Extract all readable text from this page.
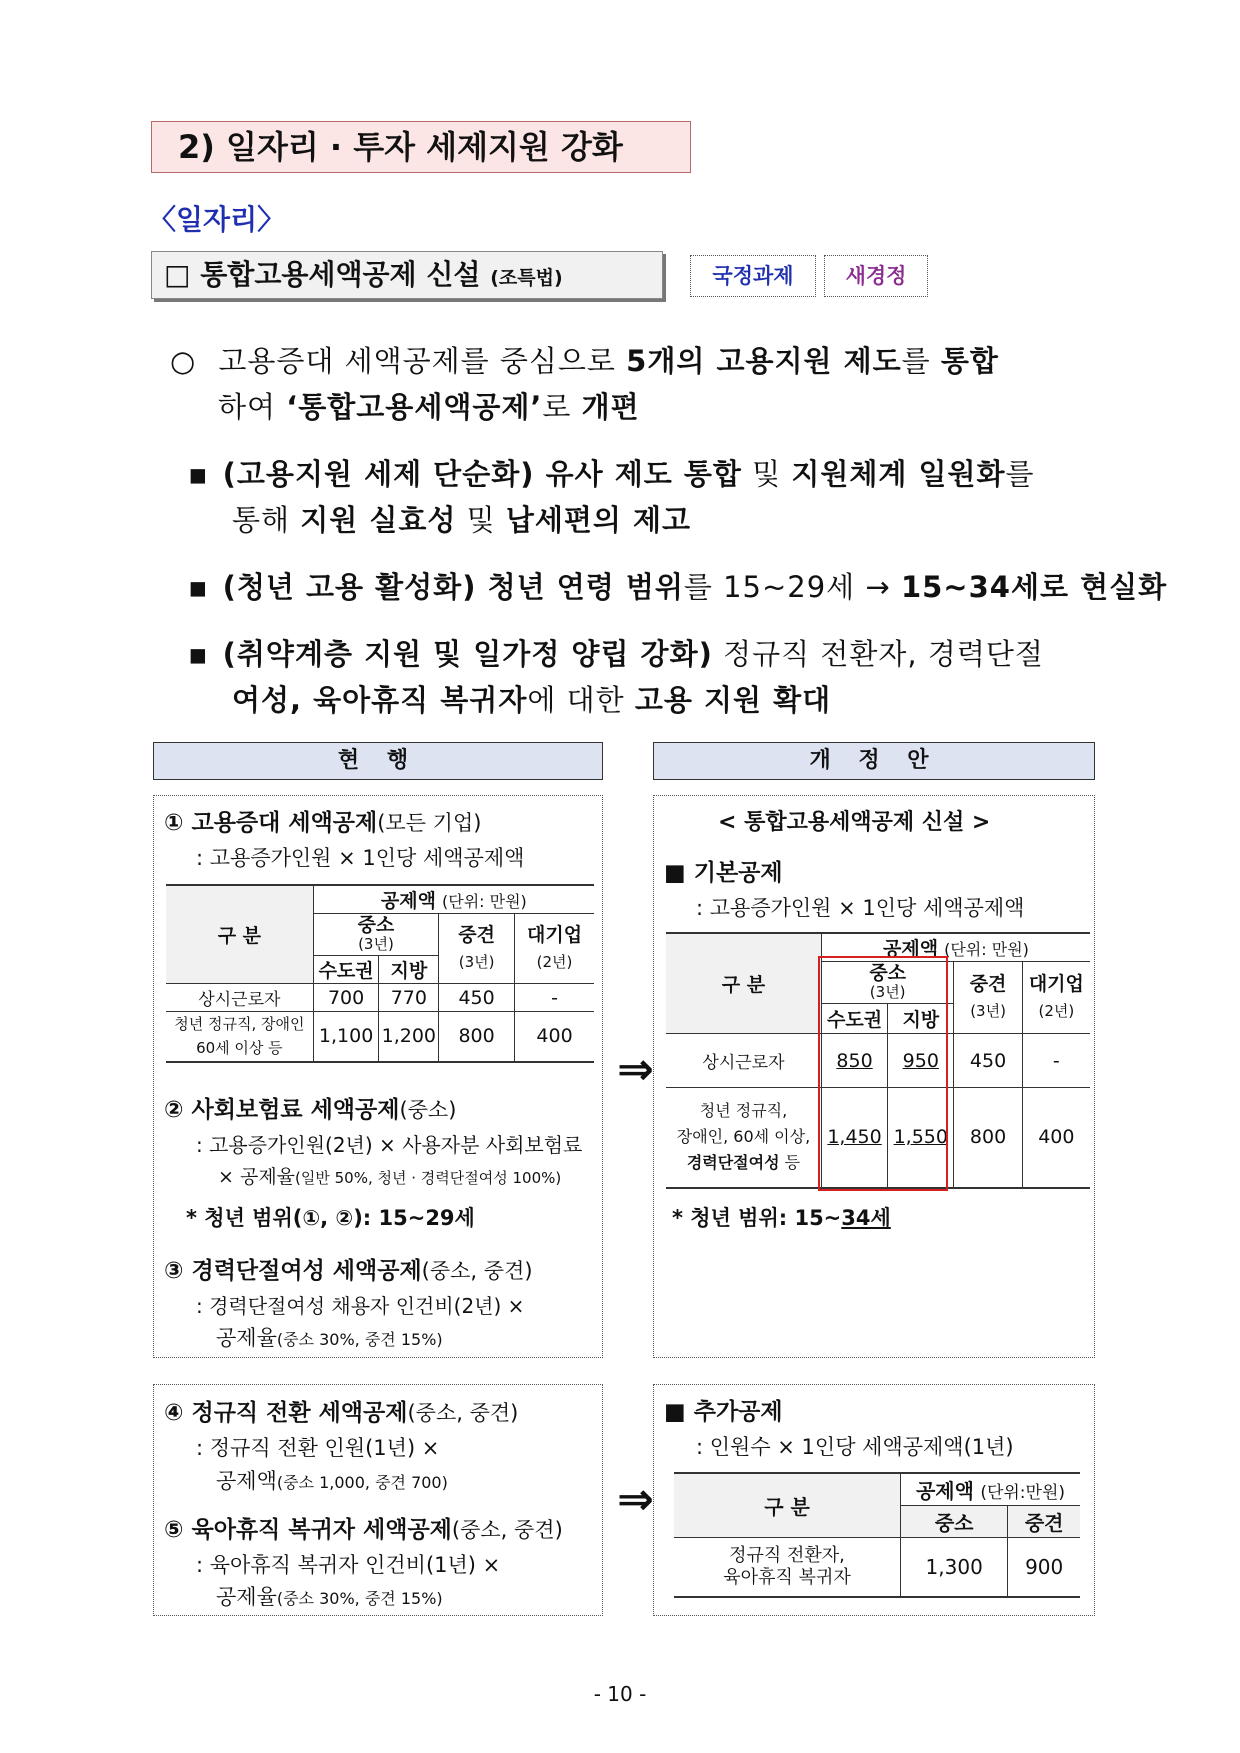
2) 일자리 · 투자 세제지원 강화
〈일자리〉
□ 통합고용세액공제 신설 (조특법)	국정과제	새경정
○ 고용증대 세액공제를 중심으로 5개의 고용지원 제도를 통합
하여 ‘통합고용세액공제’로 개편
▪ (고용지원 세제 단순화) 유사 제도 통합 및 지원체계 일원화를
통해 지원 실효성 및 납세편의 제고
▪ (청년 고용 활성화) 청년 연령 범위를 15~29세 → 15~34세로 현실화
▪ (취약계층 지원 및 일가정 양립 강화) 정규직 전환자, 경력단절
여성, 육아휴직 복귀자에 대한 고용 지원 확대
현 행	개 정 안
① 고용증대 세액공제(모든 기업)
: 고용증가인원 × 1인당 세액공제액
구 분	공제액 (단위: 만원)			
	중소
(3년)		중견
(3년)	대기업
(2년)
	수도권	지방		
상시근로자	700	770	450	-
청년 정규직, 장애인 60세 이상 등	1,100	1,200	800	400
② 사회보험료 세액공제(중소)
: 고용증가인원(2년) × 사용자분 사회보험료
× 공제율(일반 50%, 청년 · 경력단절여성 100%)
* 청년 범위(①, ②): 15~29세
③ 경력단절여성 세액공제(중소, 중견)
: 경력단절여성 채용자 인건비(2년) ×
공제율(중소 30%, 중견 15%)
⇒
< 통합고용세액공제 신설 >
■ 기본공제
: 고용증가인원 × 1인당 세액공제액
구 분	공제액 (단위: 만원)			
	중소
(3년)		중견
(3년)	대기업
(2년)
	수도권	지방		
상시근로자	850	950	450	-
청년 정규직,
장애인, 60세 이상,
경력단절여성 등	1,450	1,550	800	400
* 청년 범위: 15~34세
④ 정규직 전환 세액공제(중소, 중견)
: 정규직 전환 인원(1년) ×
공제액(중소 1,000, 중견 700)
⑤ 육아휴직 복귀자 세액공제(중소, 중견)
: 육아휴직 복귀자 인건비(1년) ×
공제율(중소 30%, 중견 15%)
⇒
■ 추가공제
: 인원수 × 1인당 세액공제액(1년)
구 분	공제액 (단위:만원)	
	중소	중견
정규직 전환자,
육아휴직 복귀자	1,300	900
- 10 -
